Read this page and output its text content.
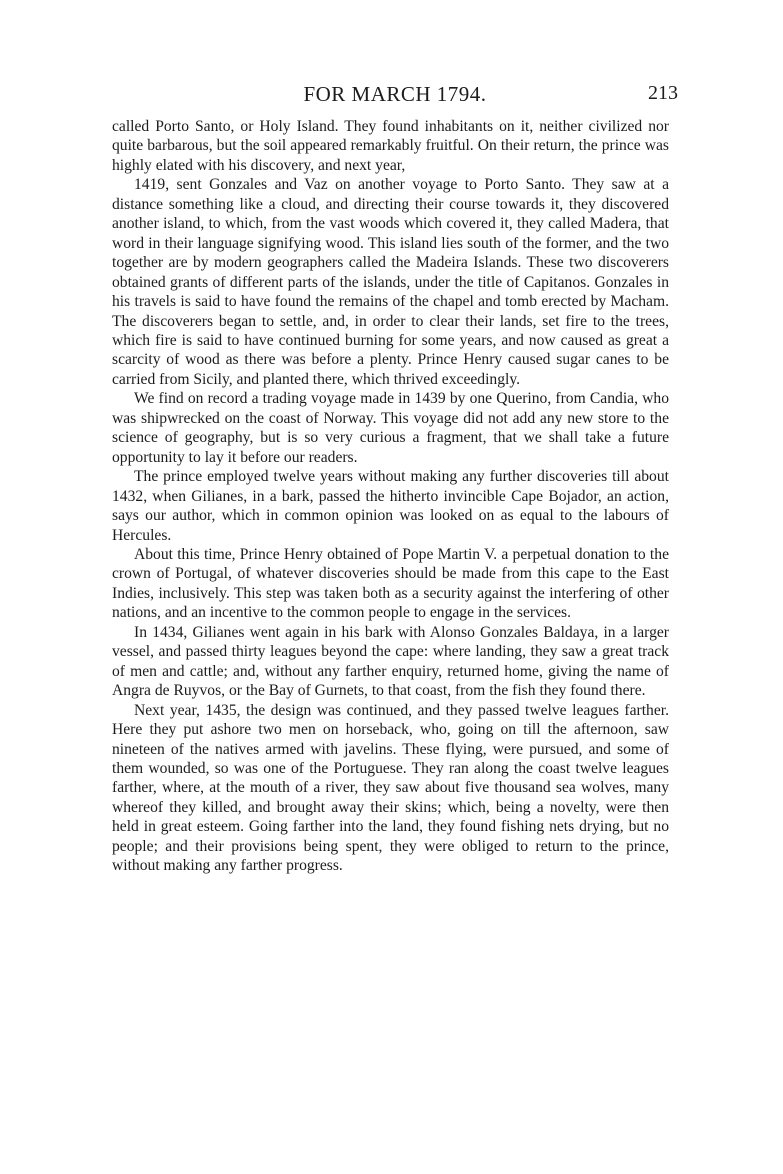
FOR MARCH 1794.	213

called Porto Santo, or Holy Island. They found inhabitants on it, neither civilized nor quite barbarous, but the soil appeared remarkably fruitful. On their return, the prince was highly elated with his discovery, and next year,

1419, sent Gonzales and Vaz on another voyage to Porto Santo. They saw at a distance something like a cloud, and directing their course towards it, they discovered another island, to which, from the vast woods which covered it, they called Madera, that word in their language signifying wood. This island lies south of the former, and the two together are by modern geographers called the Madeira Islands. These two discoverers obtained grants of different parts of the islands, under the title of Capitanos. Gonzales in his travels is said to have found the remains of the chapel and tomb erected by Macham. The discoverers began to settle, and, in order to clear their lands, set fire to the trees, which fire is said to have continued burning for some years, and now caused as great a scarcity of wood as there was before a plenty. Prince Henry caused sugar canes to be carried from Sicily, and planted there, which thrived exceedingly.

We find on record a trading voyage made in 1439 by one Querino, from Candia, who was shipwrecked on the coast of Norway. This voyage did not add any new store to the science of geography, but is so very curious a fragment, that we shall take a future opportunity to lay it before our readers.

The prince employed twelve years without making any further discoveries till about 1432, when Gilianes, in a bark, passed the hitherto invincible Cape Bojador, an action, says our author, which in common opinion was looked on as equal to the labours of Hercules.

About this time, Prince Henry obtained of Pope Martin V. a perpetual donation to the crown of Portugal, of whatever discoveries should be made from this cape to the East Indies, inclusively. This step was taken both as a security against the interfering of other nations, and an incentive to the common people to engage in the services.

In 1434, Gilianes went again in his bark with Alonso Gonzales Baldaya, in a larger vessel, and passed thirty leagues beyond the cape: where landing, they saw a great track of men and cattle; and, without any farther enquiry, returned home, giving the name of Angra de Ruyvos, or the Bay of Gurnets, to that coast, from the fish they found there.

Next year, 1435, the design was continued, and they passed twelve leagues farther. Here they put ashore two men on horseback, who, going on till the afternoon, saw nineteen of the natives armed with javelins. These flying, were pursued, and some of them wounded, so was one of the Portuguese. They ran along the coast twelve leagues farther, where, at the mouth of a river, they saw about five thousand sea wolves, many whereof they killed, and brought away their skins; which, being a novelty, were then held in great esteem. Going farther into the land, they found fishing nets drying, but no people; and their provisions being spent, they were obliged to return to the prince, without making any farther progress.
